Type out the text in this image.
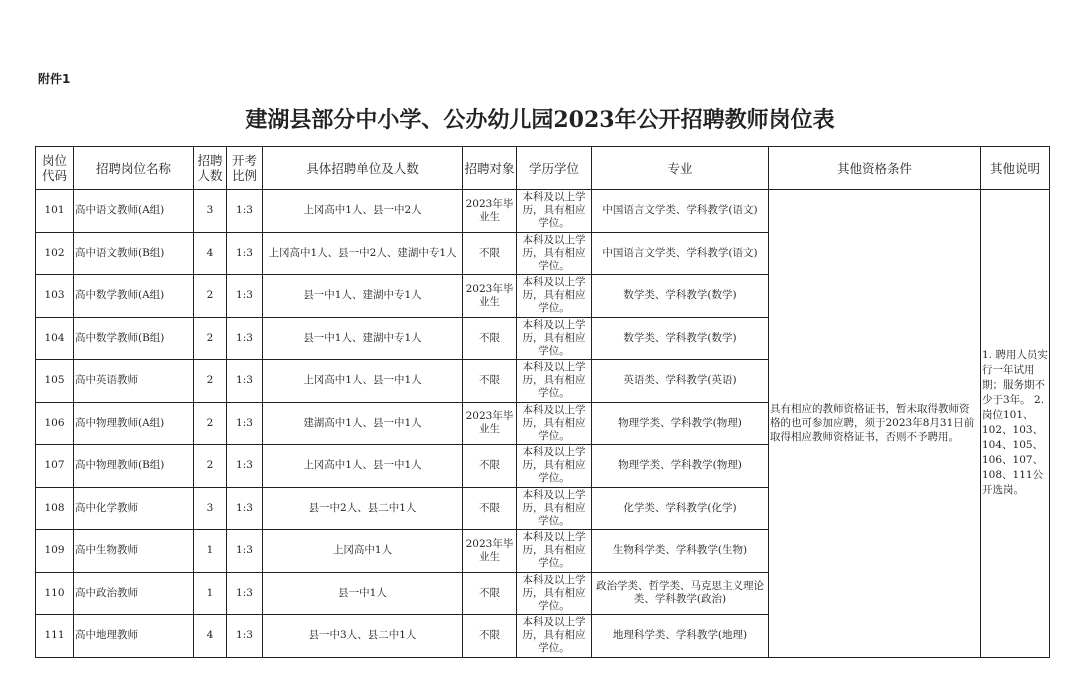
附件1
建湖县部分中小学、公办幼儿园2023年公开招聘教师岗位表
岗位代码	招聘岗位名称	招聘人数	开考比例	具体招聘单位及人数	招聘对象	学历学位	专业	其他资格条件	其他说明
101	高中语文教师(A组)	3	1:3	上冈高中1人、县一中2人	2023年毕业生	本科及以上学历，具有相应学位。	中国语言文学类、学科教学(语文)	具有相应的教师资格证书，暂未取得教师资格的也可参加应聘，须于2023年8月31日前取得相应教师资格证书，否则不予聘用。	1. 聘用人员实行一年试用期；服务期不少于3年。 2. 岗位101、102、103、104、105、106、107、108、111公开选岗。
102	高中语文教师(B组)	4	1:3	上冈高中1人、县一中2人、建湖中专1人	不限	本科及以上学历，具有相应学位。	中国语言文学类、学科教学(语文)		
103	高中数学教师(A组)	2	1:3	县一中1人、建湖中专1人	2023年毕业生	本科及以上学历，具有相应学位。	数学类、学科教学(数学)		
104	高中数学教师(B组)	2	1:3	县一中1人、建湖中专1人	不限	本科及以上学历，具有相应学位。	数学类、学科教学(数学)		
105	高中英语教师	2	1:3	上冈高中1人、县一中1人	不限	本科及以上学历，具有相应学位。	英语类、学科教学(英语)		
106	高中物理教师(A组)	2	1:3	建湖高中1人、县一中1人	2023年毕业生	本科及以上学历，具有相应学位。	物理学类、学科教学(物理)		
107	高中物理教师(B组)	2	1:3	上冈高中1人、县一中1人	不限	本科及以上学历，具有相应学位。	物理学类、学科教学(物理)		
108	高中化学教师	3	1:3	县一中2人、县二中1人	不限	本科及以上学历，具有相应学位。	化学类、学科教学(化学)		
109	高中生物教师	1	1:3	上冈高中1人	2023年毕业生	本科及以上学历，具有相应学位。	生物科学类、学科教学(生物)		
110	高中政治教师	1	1:3	县一中1人	不限	本科及以上学历，具有相应学位。	政治学类、哲学类、马克思主义理论类、学科教学(政治)		
111	高中地理教师	4	1:3	县一中3人、县二中1人	不限	本科及以上学历，具有相应学位。	地理科学类、学科教学(地理)		
